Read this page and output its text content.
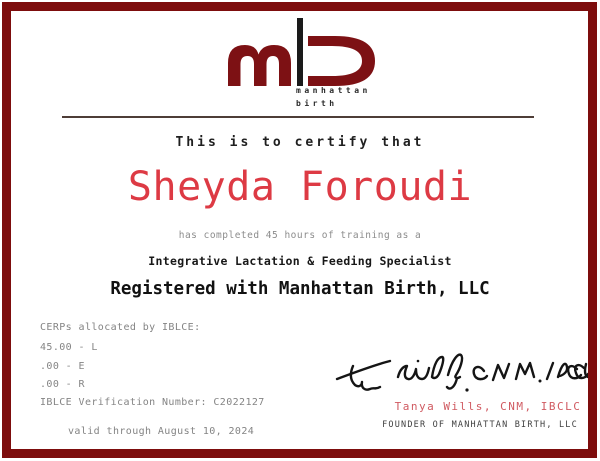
manhattan
birth
This is to certify that
Sheyda Foroudi
has completed 45 hours of training as a
Integrative Lactation & Feeding Specialist
Registered with Manhattan Birth, LLC
CERPs allocated by IBLCE:
45.00 - L
.00 - E
.00 - R
IBLCE Verification Number: C2022127
valid through August 10, 2024
Tanya Wills, CNM, IBCLC
FOUNDER OF MANHATTAN BIRTH, LLC
